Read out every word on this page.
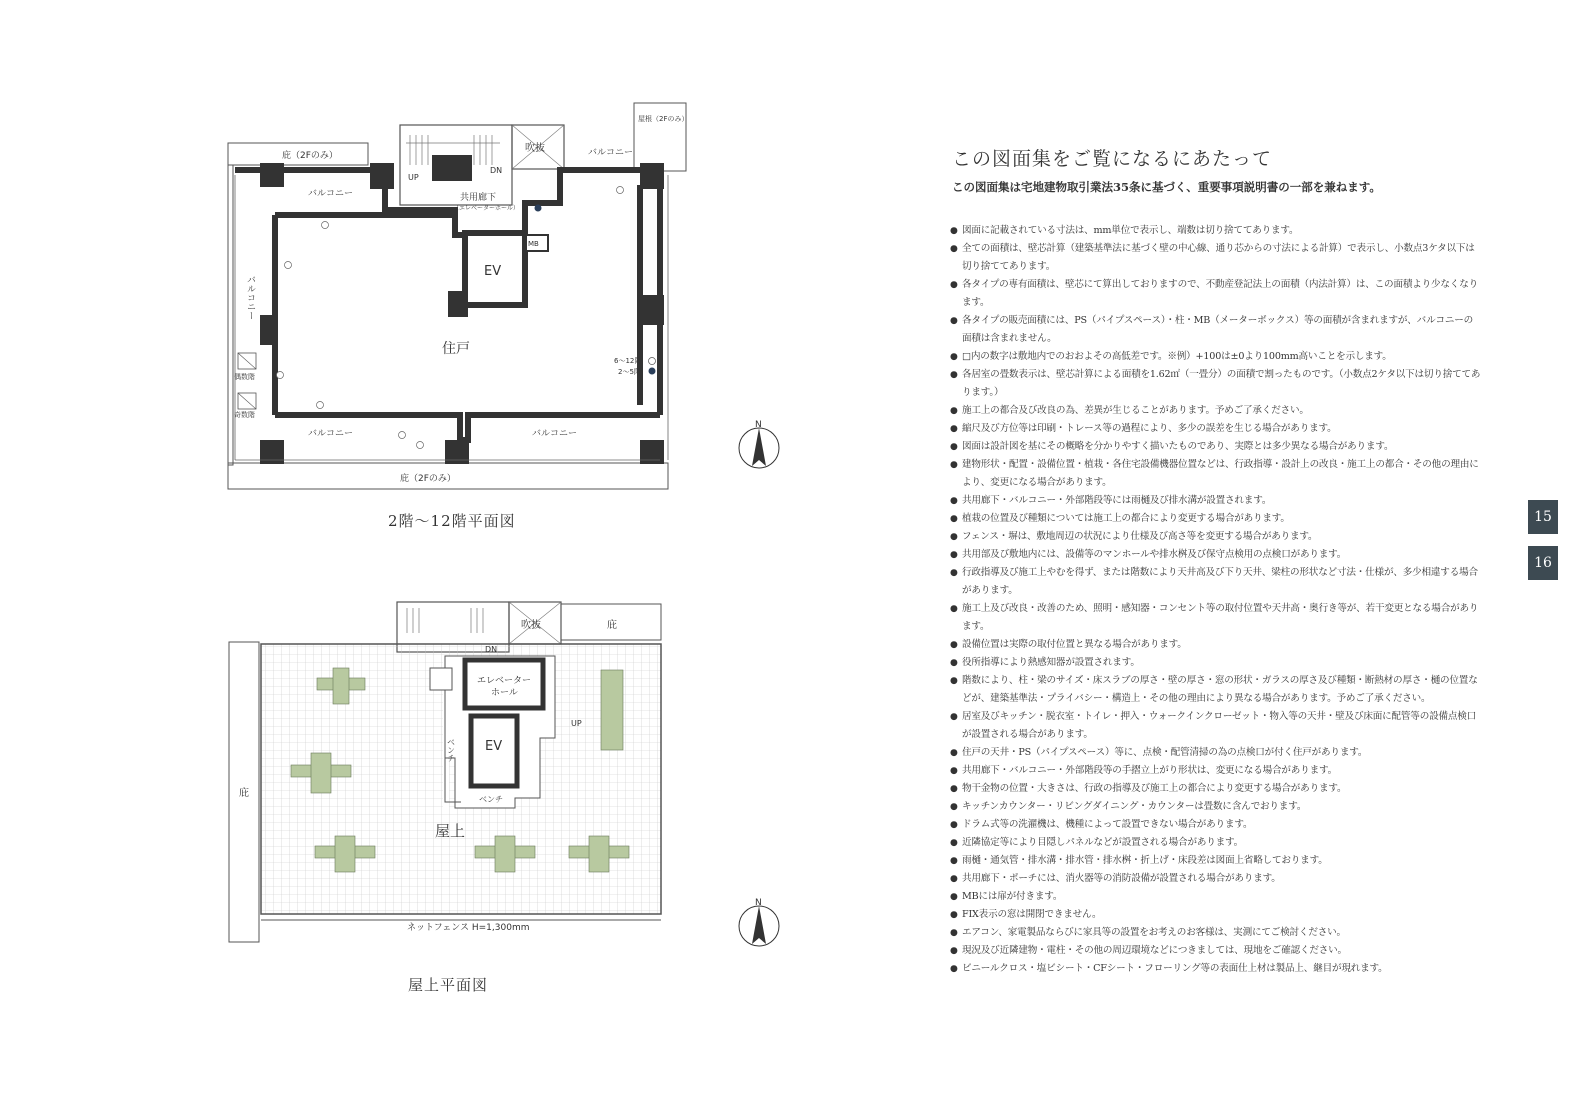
庇（2Fのみ）
庇（2Fのみ）
屋根（2Fのみ）
吹抜	バルコニー
バルコニー
バルコニー
バルコニー	バルコニー
共用廊下
（エレベーターホール）
UP
DN
MB
EV
住戸
6～12階
2～5階
偶数階
奇数階
2階～12階平面図
N
吹抜	庇
庇
DN
UP
エレベーター
ホール
EV
ベンチ
ベンチ
屋上
ネットフェンス H=1,300mm
屋上平面図
N
この図面集をご覧になるにあたって
この図面集は宅地建物取引業法35条に基づく、重要事項説明書の一部を兼ねます。
● 図面に記載されている寸法は、mm単位で表示し、端数は切り捨ててあります。
● 全ての面積は、壁芯計算（建築基準法に基づく壁の中心線、通り芯からの寸法による計算）で表示し、小数点3ケタ以下は切り捨ててあります。
● 各タイプの専有面積は、壁芯にて算出しておりますので、不動産登記法上の面積（内法計算）は、この面積より少なくなります。
● 各タイプの販売面積には、PS（パイプスペース）・柱・MB（メーターボックス）等の面積が含まれますが、バルコニーの面積は含まれません。
● □内の数字は敷地内でのおおよその高低差です。※例）+100は±0より100mm高いことを示します。
● 各居室の畳数表示は、壁芯計算による面積を1.62㎡（一畳分）の面積で割ったものです。（小数点2ケタ以下は切り捨ててあります。）
● 施工上の都合及び改良の為、差異が生じることがあります。予めご了承ください。
● 縮尺及び方位等は印刷・トレース等の過程により、多少の誤差を生じる場合があります。
● 図面は設計図を基にその概略を分かりやすく描いたものであり、実際とは多少異なる場合があります。
● 建物形状・配置・設備位置・植栽・各住宅設備機器位置などは、行政指導・設計上の改良・施工上の都合・その他の理由により、変更になる場合があります。
● 共用廊下・バルコニー・外部階段等には雨樋及び排水溝が設置されます。
● 植栽の位置及び種類については施工上の都合により変更する場合があります。
● フェンス・塀は、敷地周辺の状況により仕様及び高さ等を変更する場合があります。
● 共用部及び敷地内には、設備等のマンホールや排水桝及び保守点検用の点検口があります。
● 行政指導及び施工上やむを得ず、または階数により天井高及び下り天井、梁柱の形状など寸法・仕様が、多少相違する場合があります。
● 施工上及び改良・改善のため、照明・感知器・コンセント等の取付位置や天井高・奥行き等が、若干変更となる場合があります。
● 設備位置は実際の取付位置と異なる場合があります。
● 役所指導により熱感知器が設置されます。
● 階数により、柱・梁のサイズ・床スラブの厚さ・壁の厚さ・窓の形状・ガラスの厚さ及び種類・断熱材の厚さ・樋の位置などが、建築基準法・プライバシー・構造上・その他の理由により異なる場合があります。予めご了承ください。
● 居室及びキッチン・脱衣室・トイレ・押入・ウォークインクローゼット・物入等の天井・壁及び床面に配管等の設備点検口が設置される場合があります。
● 住戸の天井・PS（パイプスペース）等に、点検・配管清掃の為の点検口が付く住戸があります。
● 共用廊下・バルコニー・外部階段等の手摺立上がり形状は、変更になる場合があります。
● 物干金物の位置・大きさは、行政の指導及び施工上の都合により変更する場合があります。
● キッチンカウンター・リビングダイニング・カウンターは畳数に含んでおります。
● ドラム式等の洗濯機は、機種によって設置できない場合があります。
● 近隣協定等により目隠しパネルなどが設置される場合があります。
● 雨樋・通気管・排水溝・排水管・排水桝・折上げ・床段差は図面上省略しております。
● 共用廊下・ポーチには、消火器等の消防設備が設置される場合があります。
● MBには扉が付きます。
● FIX表示の窓は開閉できません。
● エアコン、家電製品ならびに家具等の設置をお考えのお客様は、実測にてご検討ください。
● 現況及び近隣建物・電柱・その他の周辺環境などにつきましては、現地をご確認ください。
● ビニールクロス・塩ビシート・CFシート・フローリング等の表面仕上材は製品上、継目が現れます。
15
16
